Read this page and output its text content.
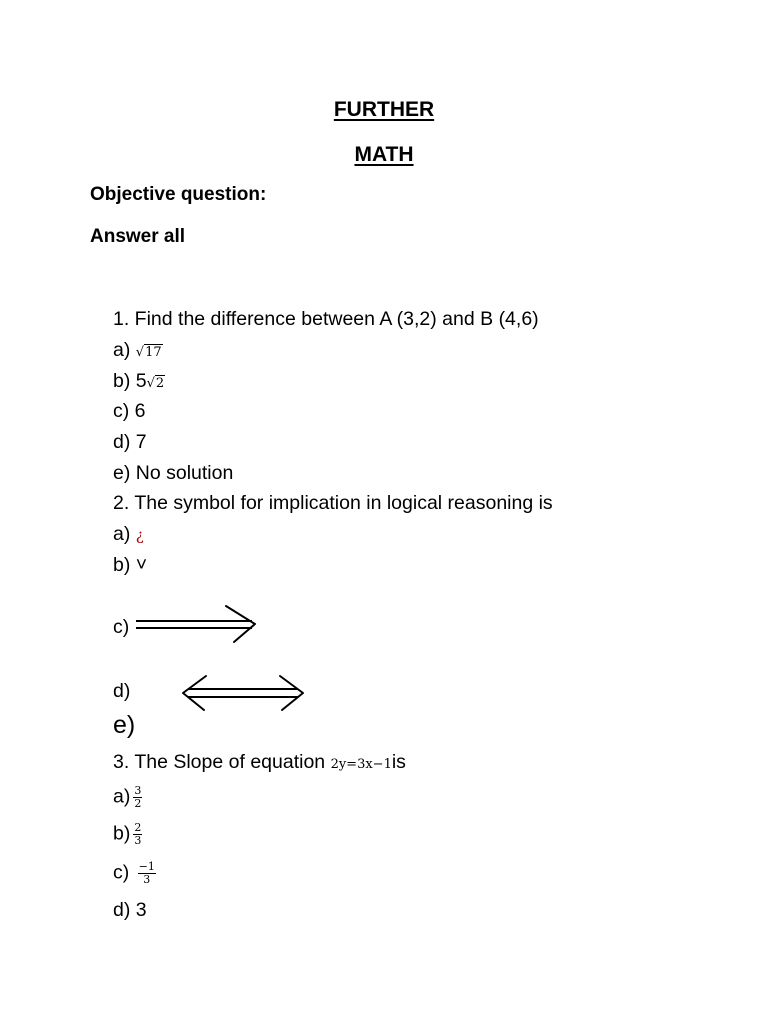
FURTHER
MATH
Objective question:
Answer all
1. Find the difference between A (3,2) and B (4,6)
a) √17
b) 5√2
c) 6
d) 7
e) No solution
2. The symbol for implication in logical reasoning is
a) ¿
b) ˅
c)
d)
e)
3. The Slope of equation 2y=3x−1is
$a) \frac{3}{2}$
$b) \frac{2}{3}$
$c) \frac{-1}{3}$
d) 3
